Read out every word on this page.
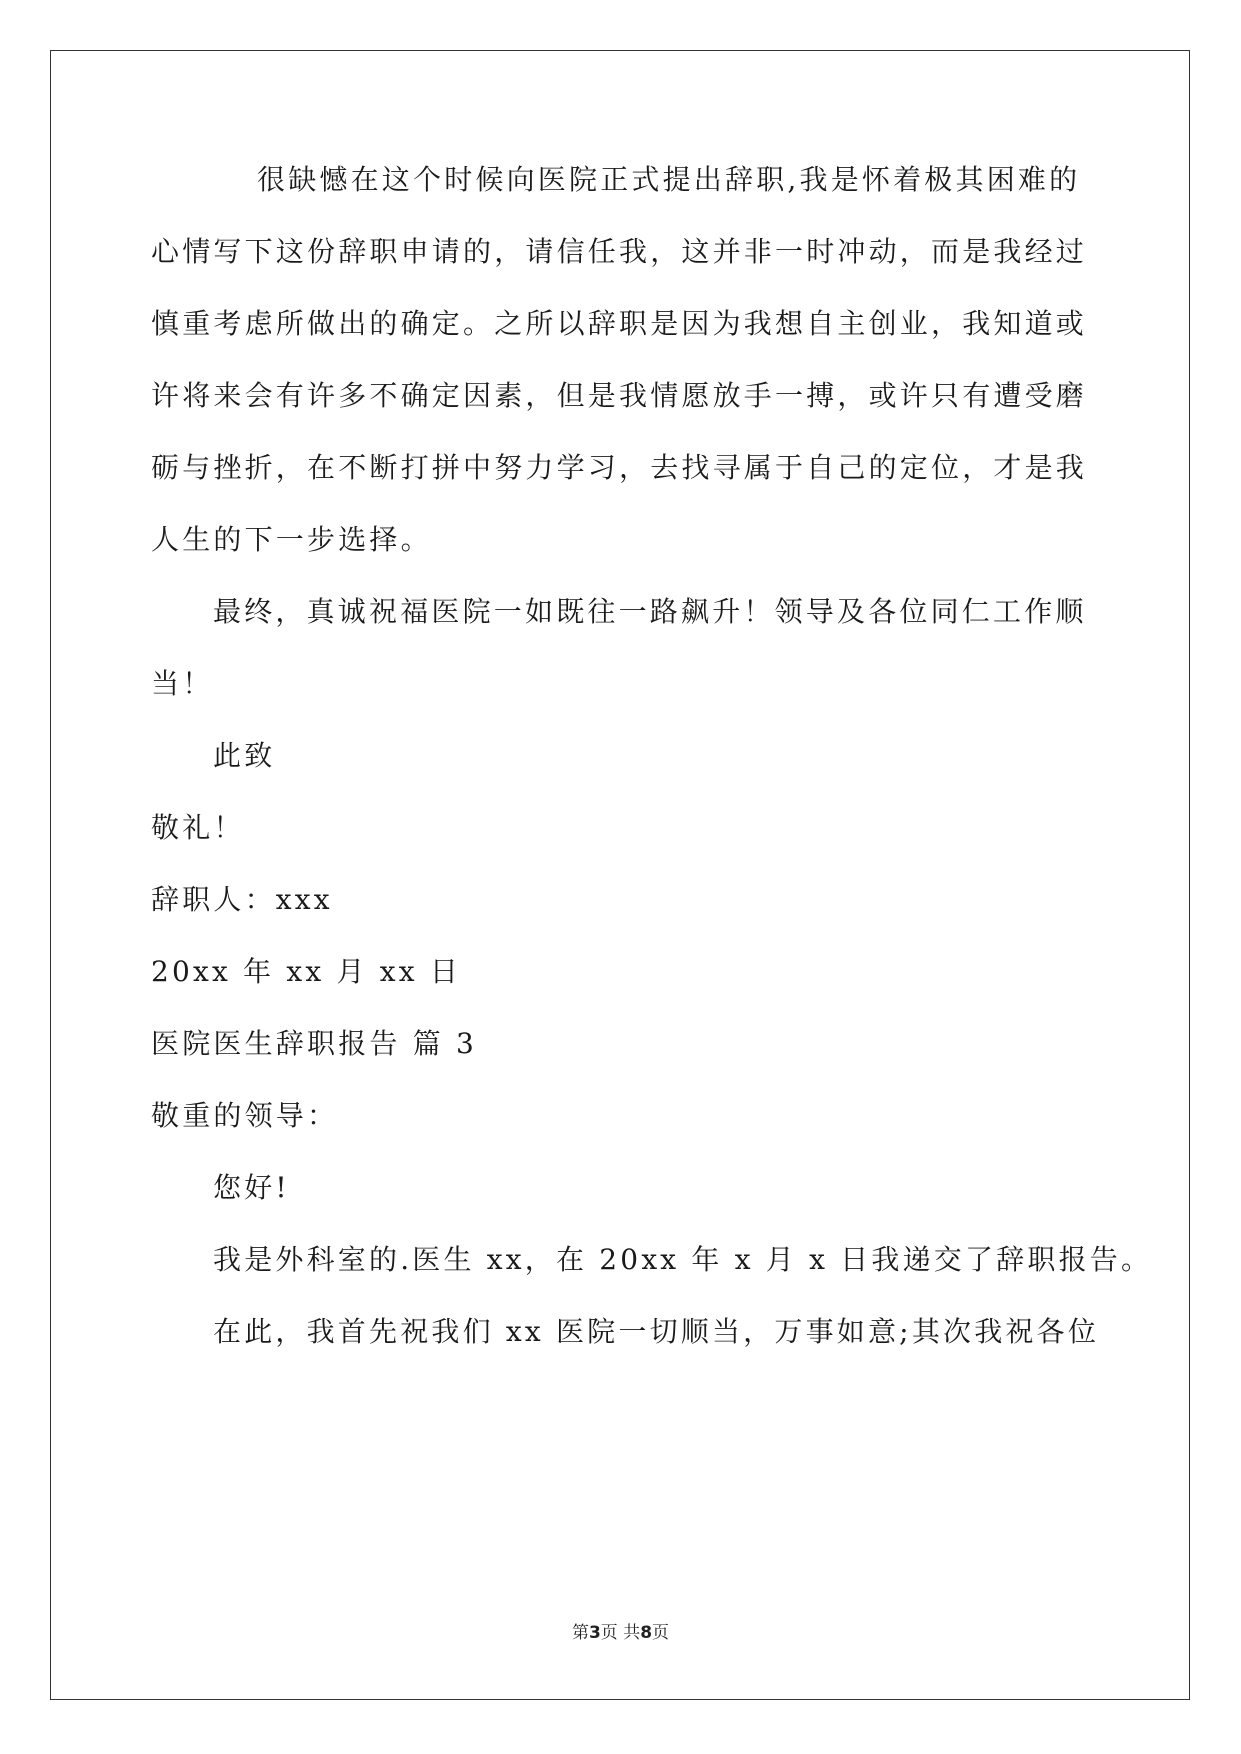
很缺憾在这个时候向医院正式提出辞职,我是怀着极其困难的
心情写下这份辞职申请的，请信任我，这并非一时冲动，而是我经过
慎重考虑所做出的确定。之所以辞职是因为我想自主创业，我知道或
许将来会有许多不确定因素，但是我情愿放手一搏，或许只有遭受磨
砺与挫折，在不断打拼中努力学习，去找寻属于自己的定位，才是我
人生的下一步选择。
最终，真诚祝福医院一如既往一路飙升！领导及各位同仁工作顺
当！
此致
敬礼！
辞职人：xxx
20xx 年 xx 月 xx 日
医院医生辞职报告 篇 3
敬重的领导：
您好!
我是外科室的.医生 xx，在 20xx 年 x 月 x 日我递交了辞职报告。
在此，我首先祝我们 xx 医院一切顺当，万事如意;其次我祝各位
第3页 共8页
